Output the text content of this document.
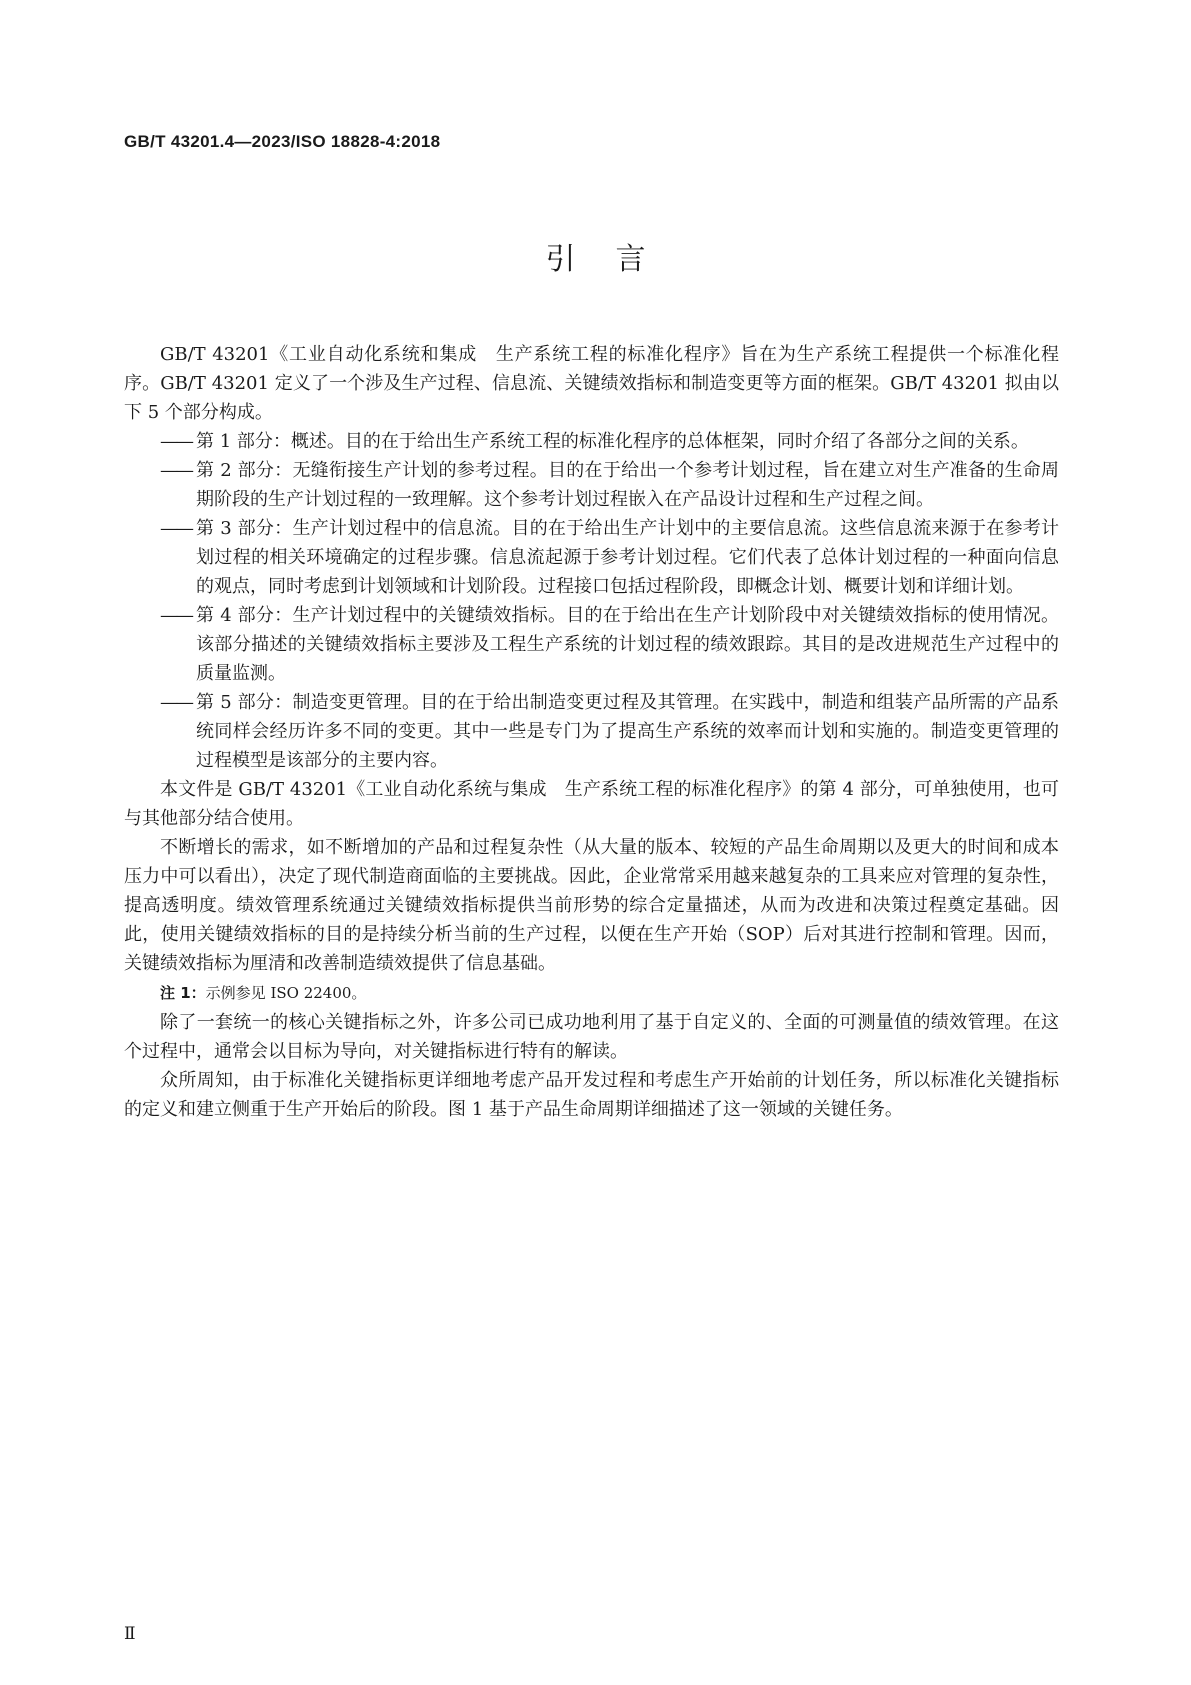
GB/T 43201.4—2023/ISO 18828-4:2018
引言

GB/T 43201《工业自动化系统和集成　生产系统工程的标准化程序》旨在为生产系统工程提供一个标准化程序。GB/T 43201 定义了一个涉及生产过程、信息流、关键绩效指标和制造变更等方面的框架。GB/T 43201 拟由以下 5 个部分构成。

—— 第 1 部分：概述。目的在于给出生产系统工程的标准化程序的总体框架，同时介绍了各部分之间的关系。
—— 第 2 部分：无缝衔接生产计划的参考过程。目的在于给出一个参考计划过程，旨在建立对生产准备的生命周期阶段的生产计划过程的一致理解。这个参考计划过程嵌入在产品设计过程和生产过程之间。
—— 第 3 部分：生产计划过程中的信息流。目的在于给出生产计划中的主要信息流。这些信息流来源于在参考计划过程的相关环境确定的过程步骤。信息流起源于参考计划过程。它们代表了总体计划过程的一种面向信息的观点，同时考虑到计划领域和计划阶段。过程接口包括过程阶段，即概念计划、概要计划和详细计划。
—— 第 4 部分：生产计划过程中的关键绩效指标。目的在于给出在生产计划阶段中对关键绩效指标的使用情况。该部分描述的关键绩效指标主要涉及工程生产系统的计划过程的绩效跟踪。其目的是改进规范生产过程中的质量监测。
—— 第 5 部分：制造变更管理。目的在于给出制造变更过程及其管理。在实践中，制造和组装产品所需的产品系统同样会经历许多不同的变更。其中一些是专门为了提高生产系统的效率而计划和实施的。制造变更管理的过程模型是该部分的主要内容。

本文件是 GB/T 43201《工业自动化系统与集成　生产系统工程的标准化程序》的第 4 部分，可单独使用，也可与其他部分结合使用。

不断增长的需求，如不断增加的产品和过程复杂性（从大量的版本、较短的产品生命周期以及更大的时间和成本压力中可以看出），决定了现代制造商面临的主要挑战。因此，企业常常采用越来越复杂的工具来应对管理的复杂性，提高透明度。绩效管理系统通过关键绩效指标提供当前形势的综合定量描述，从而为改进和决策过程奠定基础。因此，使用关键绩效指标的目的是持续分析当前的生产过程，以便在生产开始（SOP）后对其进行控制和管理。因而，关键绩效指标为厘清和改善制造绩效提供了信息基础。

注 1：示例参见 ISO 22400。

除了一套统一的核心关键指标之外，许多公司已成功地利用了基于自定义的、全面的可测量值的绩效管理。在这个过程中，通常会以目标为导向，对关键指标进行特有的解读。

众所周知，由于标准化关键指标更详细地考虑产品开发过程和考虑生产开始前的计划任务，所以标准化关键指标的定义和建立侧重于生产开始后的阶段。图 1 基于产品生命周期详细描述了这一领域的关键任务。

Ⅱ
